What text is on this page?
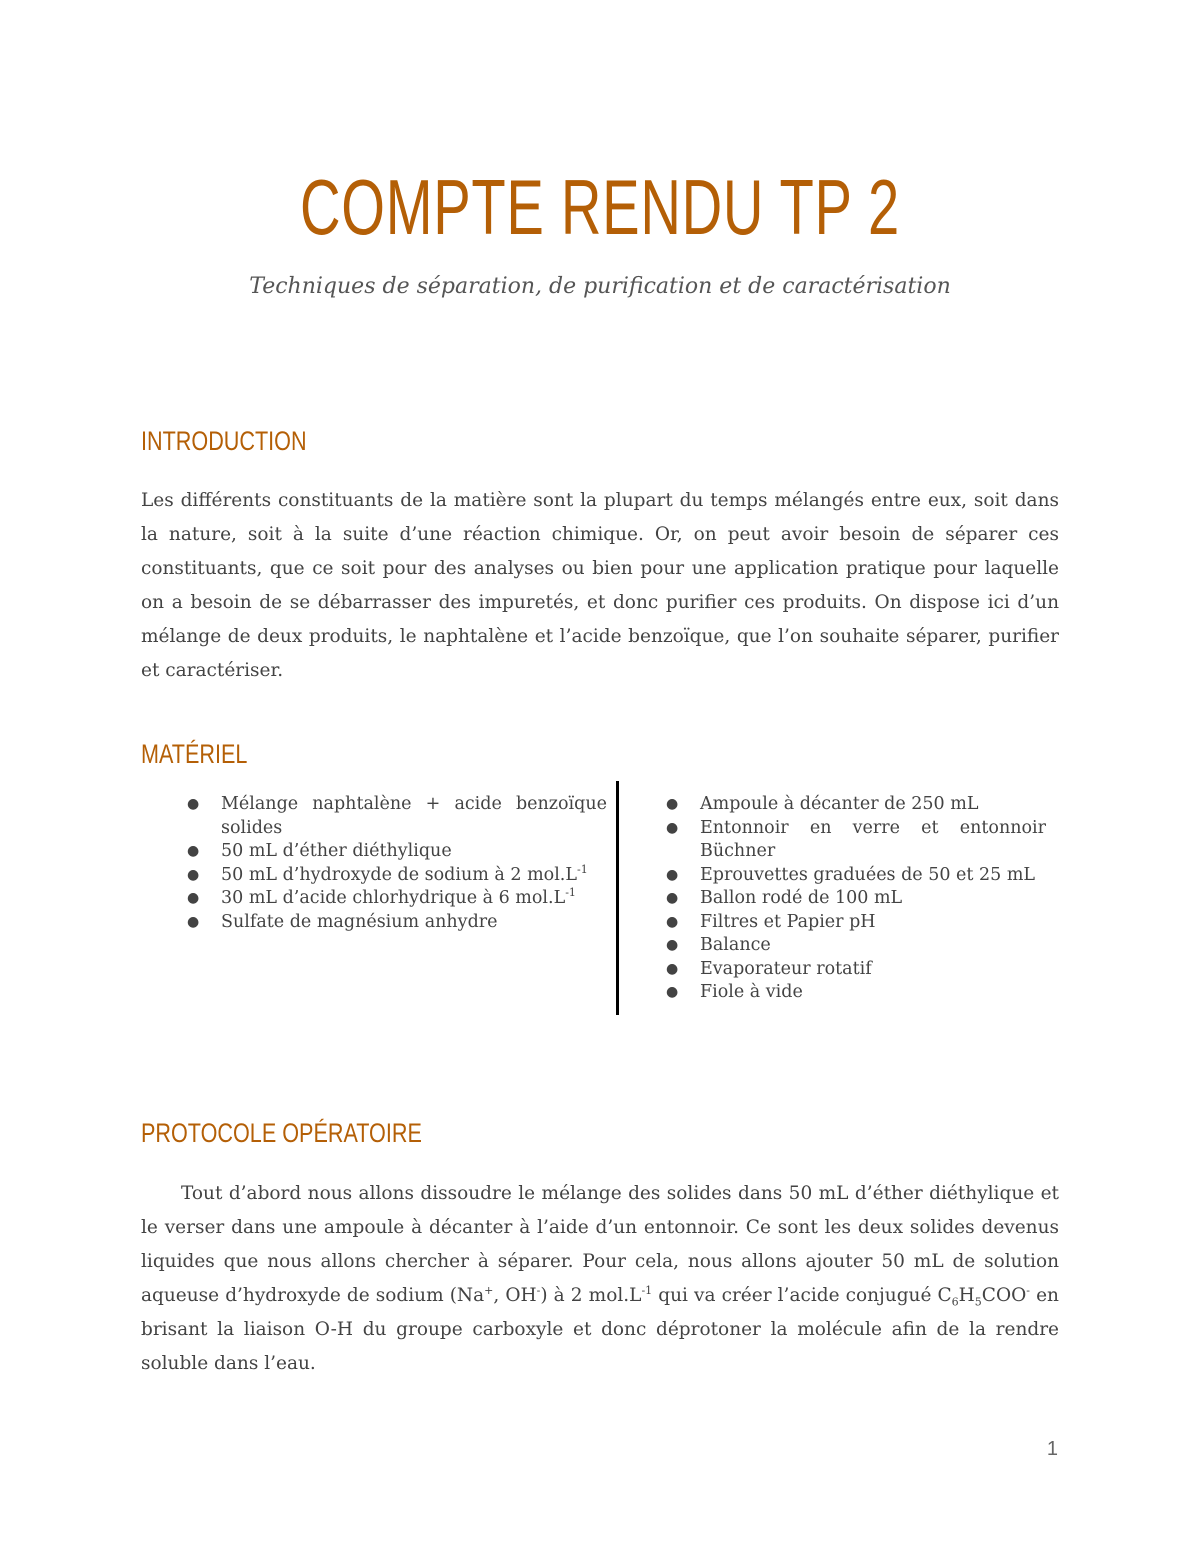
COMPTE RENDU TP 2
Techniques de séparation, de purification et de caractérisation
INTRODUCTION
Les différents constituants de la matière sont la plupart du temps mélangés entre eux, soit dans la nature, soit à la suite d’une réaction chimique. Or, on peut avoir besoin de séparer ces constituants, que ce soit pour des analyses ou bien pour une application pratique pour laquelle on a besoin de se débarrasser des impuretés, et donc purifier ces produits. On dispose ici d’un mélange de deux produits, le naphtalène et l’acide benzoïque, que l’on souhaite séparer, purifier et caractériser.
MATÉRIEL
●
Mélange naphtalène + acide benzoïque solides
●
50 mL d’éther diéthylique
●
50 mL d’hydroxyde de sodium à 2 $mol.L^{-1}$
●
30 mL d’acide chlorhydrique à 6 $mol.L^{-1}$
●
Sulfate de magnésium anhydre
●
Ampoule à décanter de 250 mL
●
Entonnoir en verre et entonnoir Büchner
●
Eprouvettes graduées de 50 et 25 mL
●
Ballon rodé de 100 mL
●
Filtres et Papier pH
●
Balance
●
Evaporateur rotatif
●
Fiole à vide
PROTOCOLE OPÉRATOIRE
Tout d’abord nous allons dissoudre le mélange des solides dans 50 mL d’éther diéthylique et le verser dans une ampoule à décanter à l’aide d’un entonnoir. Ce sont les deux solides devenus liquides que nous allons chercher à séparer. Pour cela, nous allons ajouter 50 mL de solution aqueuse d’hydroxyde de sodium (Na+, OH-) à 2 $mol.L^{-1}$ qui va créer l’acide conjugué $C_6H_5COO^-$ en brisant la liaison O-H du groupe carboxyle et donc déprotoner la molécule afin de la rendre soluble dans l’eau.
1
